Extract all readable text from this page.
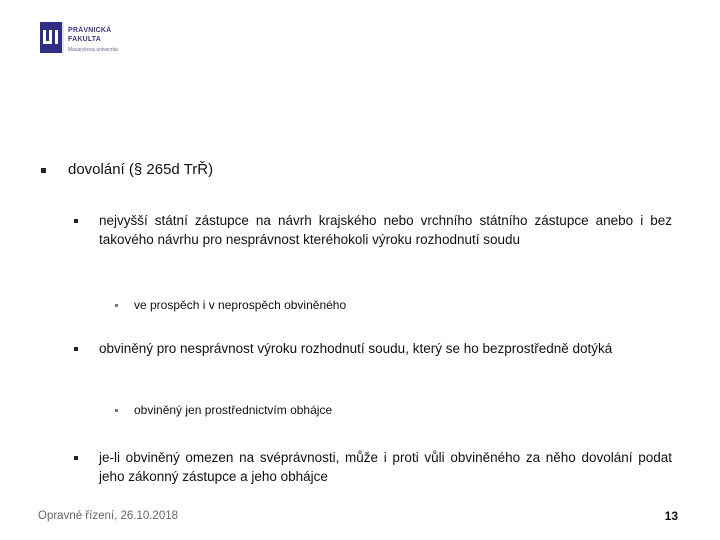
PRÁVNICKÁ
FAKULTA
Masarykova univerzita
dovolání (§ 265d TrŘ)
nejvyšší státní zástupce na návrh krajského nebo vrchního státního zástupce anebo i bez takového návrhu pro nesprávnost kteréhokoli výroku rozhodnutí soudu
ve prospěch i v neprospěch obviněného
obviněný pro nesprávnost výroku rozhodnutí soudu, který se ho bezprostředně dotýká
obviněný jen prostřednictvím obhájce
je-li obviněný omezen na svéprávnosti, může i proti vůli obviněného za něho dovolání podat jeho zákonný zástupce a jeho obhájce
Opravné řízení, 26.10.2018	13
